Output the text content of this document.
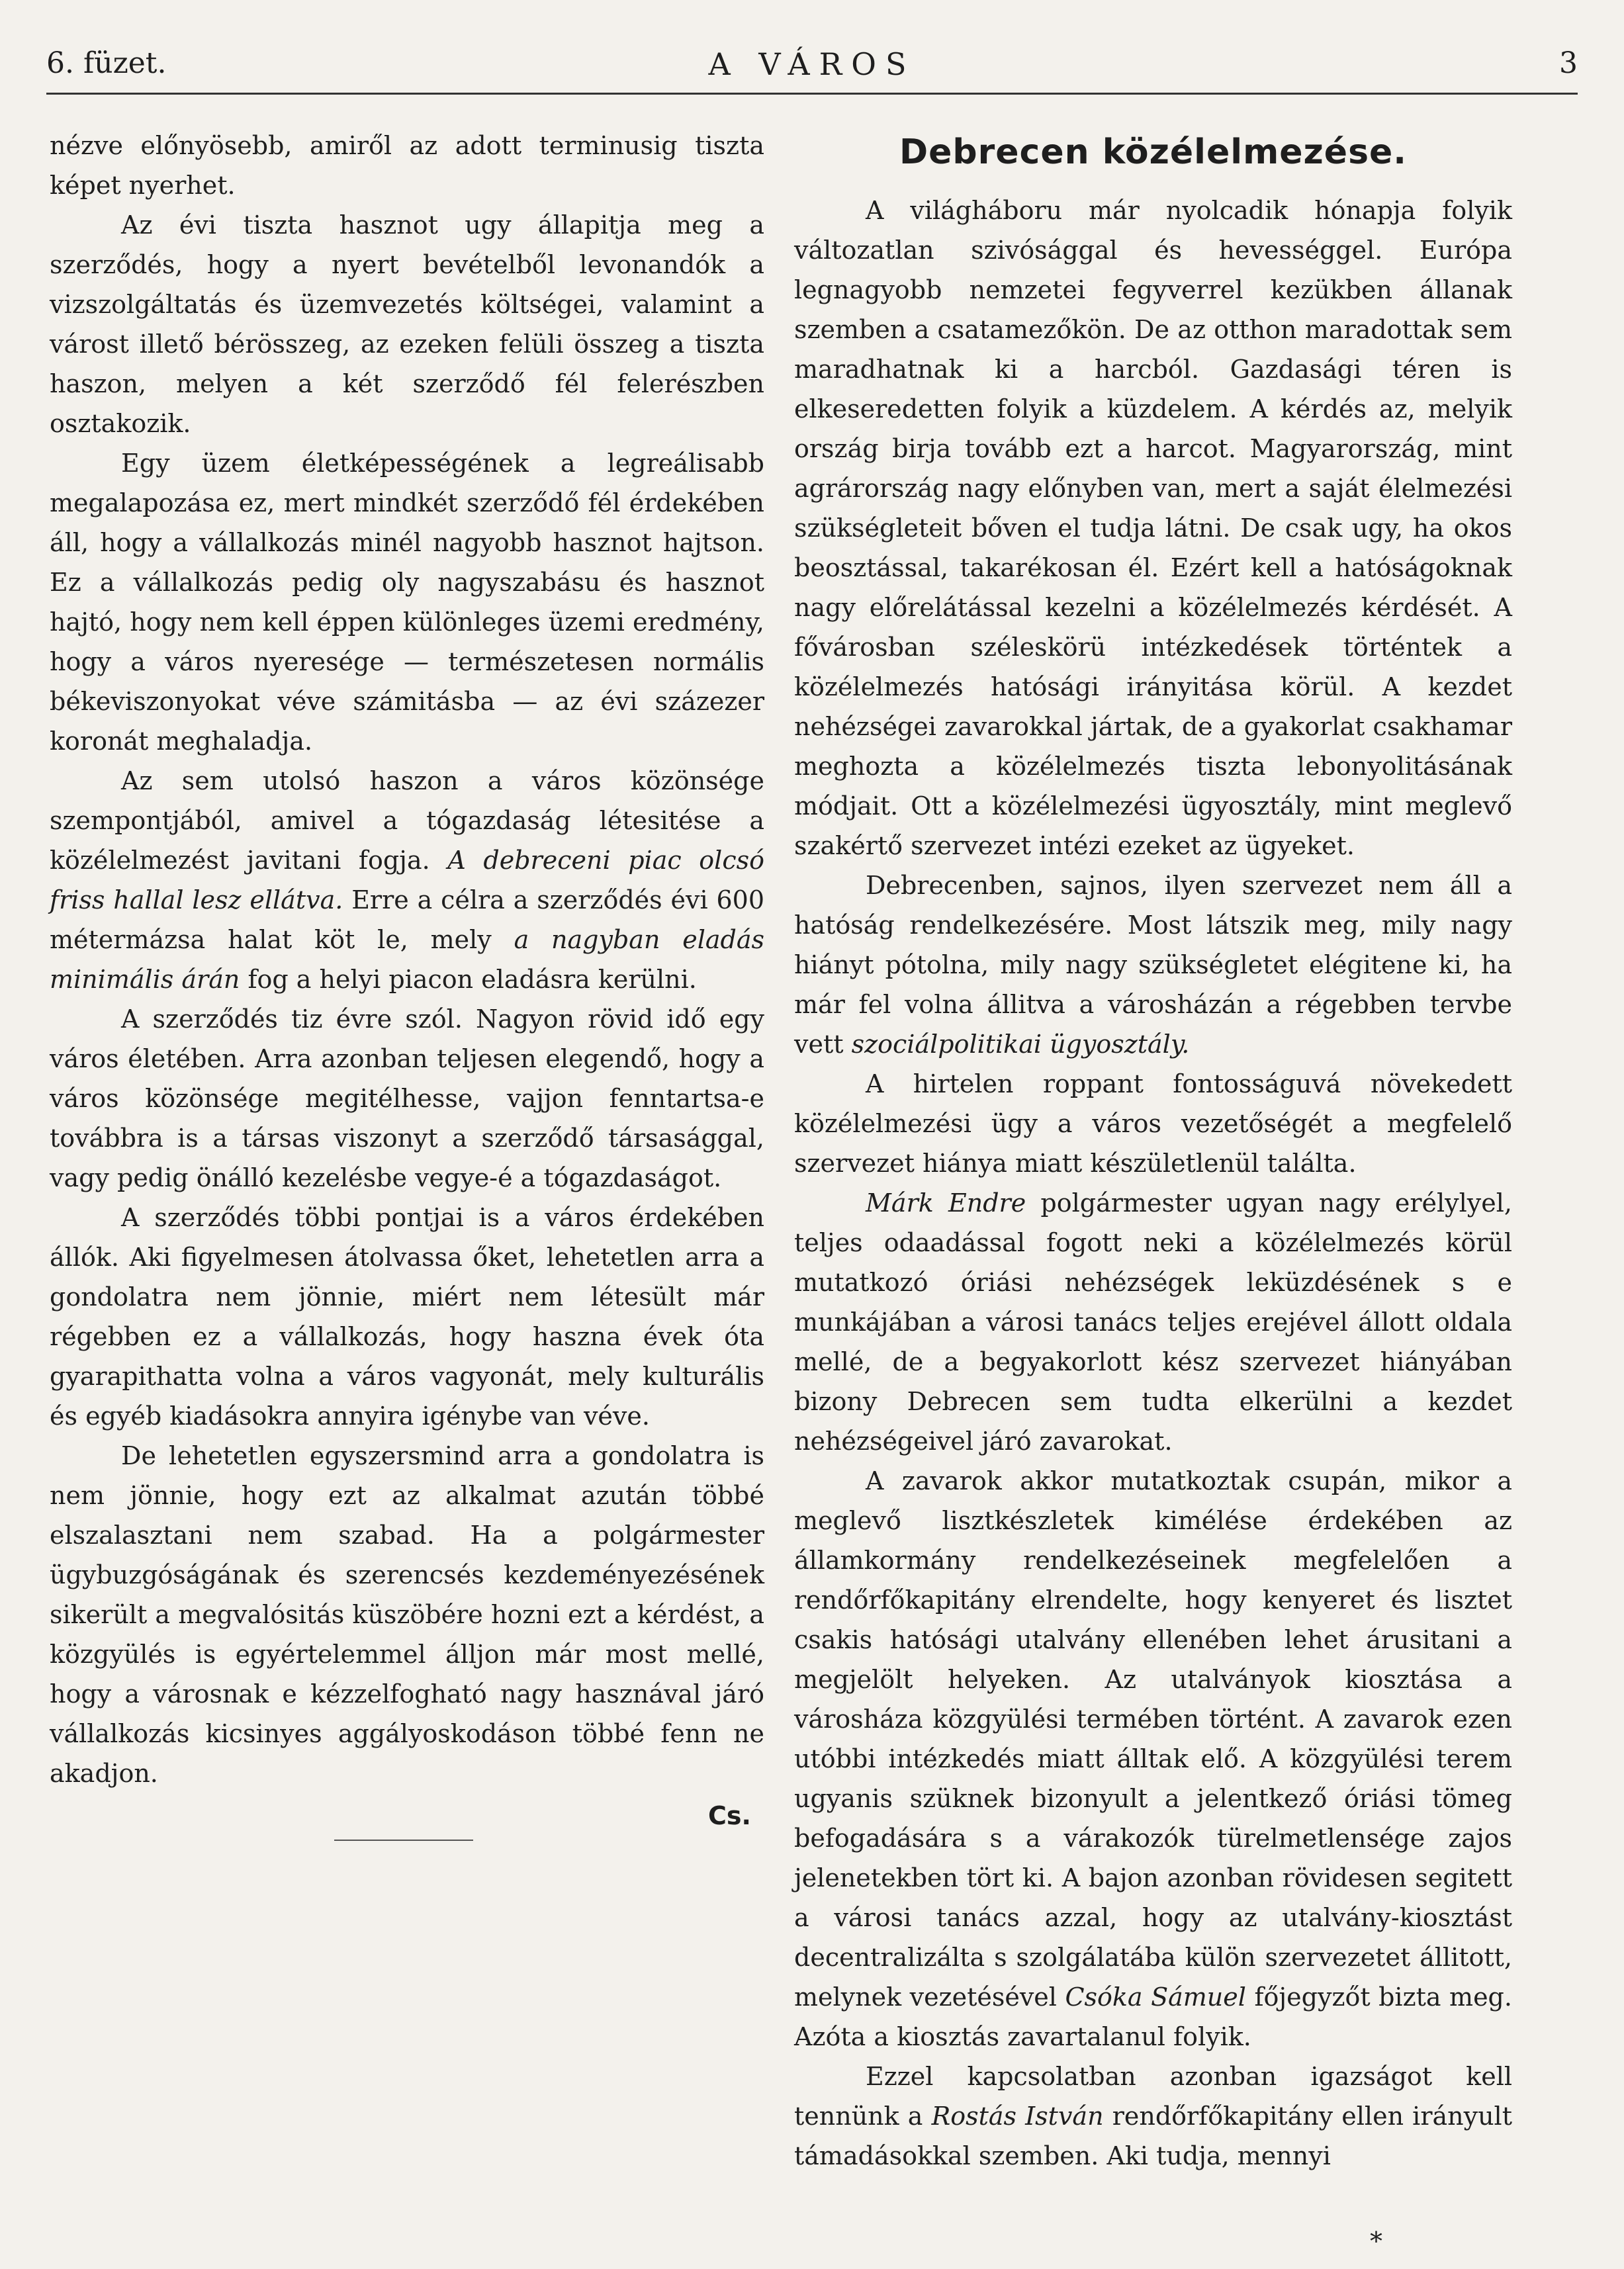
6. füzet.	A VÁROS	3

nézve előnyösebb, amiről az adott terminusig tiszta képet nyerhet.

Az évi tiszta hasznot ugy állapitja meg a szerződés, hogy a nyert bevételből levonandók a vizszolgáltatás és üzemvezetés költségei, valamint a várost illető bérösszeg, az ezeken felüli összeg a tiszta haszon, melyen a két szerződő fél felerészben osztakozik.

Egy üzem életképességének a legreálisabb megalapozása ez, mert mindkét szerződő fél érdekében áll, hogy a vállalkozás minél nagyobb hasznot hajtson. Ez a vállalkozás pedig oly nagyszabásu és hasznot hajtó, hogy nem kell éppen különleges üzemi eredmény, hogy a város nyeresége — természetesen normális békeviszonyokat véve számitásba — az évi százezer koronát meghaladja.

Az sem utolsó haszon a város közönsége szempontjából, amivel a tógazdaság létesitése a közélelmezést javitani fogja. A debreceni piac olcsó friss hallal lesz ellátva. Erre a célra a szerződés évi 600 métermázsa halat köt le, mely a nagyban eladás minimális árán fog a helyi piacon eladásra kerülni.

A szerződés tiz évre szól. Nagyon rövid idő egy város életében. Arra azonban teljesen elegendő, hogy a város közönsége megitélhesse, vajjon fenntartsa-e továbbra is a társas viszonyt a szerződő társasággal, vagy pedig önálló kezelésbe vegye-é a tógazdaságot.

A szerződés többi pontjai is a város érdekében állók. Aki figyelmesen átolvassa őket, lehetetlen arra a gondolatra nem jönnie, miért nem létesült már régebben ez a vállalkozás, hogy haszna évek óta gyarapithatta volna a város vagyonát, mely kulturális és egyéb kiadásokra annyira igénybe van véve.

De lehetetlen egyszersmind arra a gondolatra is nem jönnie, hogy ezt az alkalmat azután többé elszalasztani nem szabad. Ha a polgármester ügybuzgóságának és szerencsés kezdeményezésének sikerült a megvalósitás küszöbére hozni ezt a kérdést, a közgyülés is egyértelemmel álljon már most mellé, hogy a városnak e kézzelfogható nagy hasznával járó vállalkozás kicsinyes aggályoskodáson többé fenn ne akadjon.

Cs.
Debrecen közélelmezése.

A világháboru már nyolcadik hónapja folyik változatlan szivósággal és hevességgel. Európa legnagyobb nemzetei fegyverrel kezükben állanak szemben a csatamezőkön. De az otthon maradottak sem maradhatnak ki a harcból. Gazdasági téren is elkeseredetten folyik a küzdelem. A kérdés az, melyik ország birja tovább ezt a harcot. Magyarország, mint agrárország nagy előnyben van, mert a saját élelmezési szükségleteit bőven el tudja látni. De csak ugy, ha okos beosztással, takarékosan él. Ezért kell a hatóságoknak nagy előrelátással kezelni a közélelmezés kérdését. A fővárosban széleskörü intézkedések történtek a közélelmezés hatósági irányitása körül. A kezdet nehézségei zavarokkal jártak, de a gyakorlat csakhamar meghozta a közélelmezés tiszta lebonyolitásának módjait. Ott a közélelmezési ügyosztály, mint meglevő szakértő szervezet intézi ezeket az ügyeket.

Debrecenben, sajnos, ilyen szervezet nem áll a hatóság rendelkezésére. Most látszik meg, mily nagy hiányt pótolna, mily nagy szükségletet elégitene ki, ha már fel volna állitva a városházán a régebben tervbe vett szociálpolitikai ügyosztály.

A hirtelen roppant fontosságuvá növekedett közélelmezési ügy a város vezetőségét a megfelelő szervezet hiánya miatt készületlenül találta.

Márk Endre polgármester ugyan nagy erélylyel, teljes odaadással fogott neki a közélelmezés körül mutatkozó óriási nehézségek leküzdésének s e munkájában a városi tanács teljes erejével állott oldala mellé, de a begyakorlott kész szervezet hiányában bizony Debrecen sem tudta elkerülni a kezdet nehézségeivel járó zavarokat.

A zavarok akkor mutatkoztak csupán, mikor a meglevő lisztkészletek kimélése érdekében az államkormány rendelkezéseinek megfelelően a rendőrfőkapitány elrendelte, hogy kenyeret és lisztet csakis hatósági utalvány ellenében lehet árusitani a megjelölt helyeken. Az utalványok kiosztása a városháza közgyülési termében történt. A zavarok ezen utóbbi intézkedés miatt álltak elő. A közgyülési terem ugyanis szüknek bizonyult a jelentkező óriási tömeg befogadására s a várakozók türelmetlensége zajos jelenetekben tört ki. A bajon azonban rövidesen segitett a városi tanács azzal, hogy az utalvány-kiosztást decentralizálta s szolgálatába külön szervezetet állitott, melynek vezetésével Csóka Sámuel főjegyzőt bizta meg. Azóta a kiosztás zavartalanul folyik.

Ezzel kapcsolatban azonban igazságot kell tennünk a Rostás István rendőrfőkapitány ellen irányult támadásokkal szemben. Aki tudja, mennyi

*
